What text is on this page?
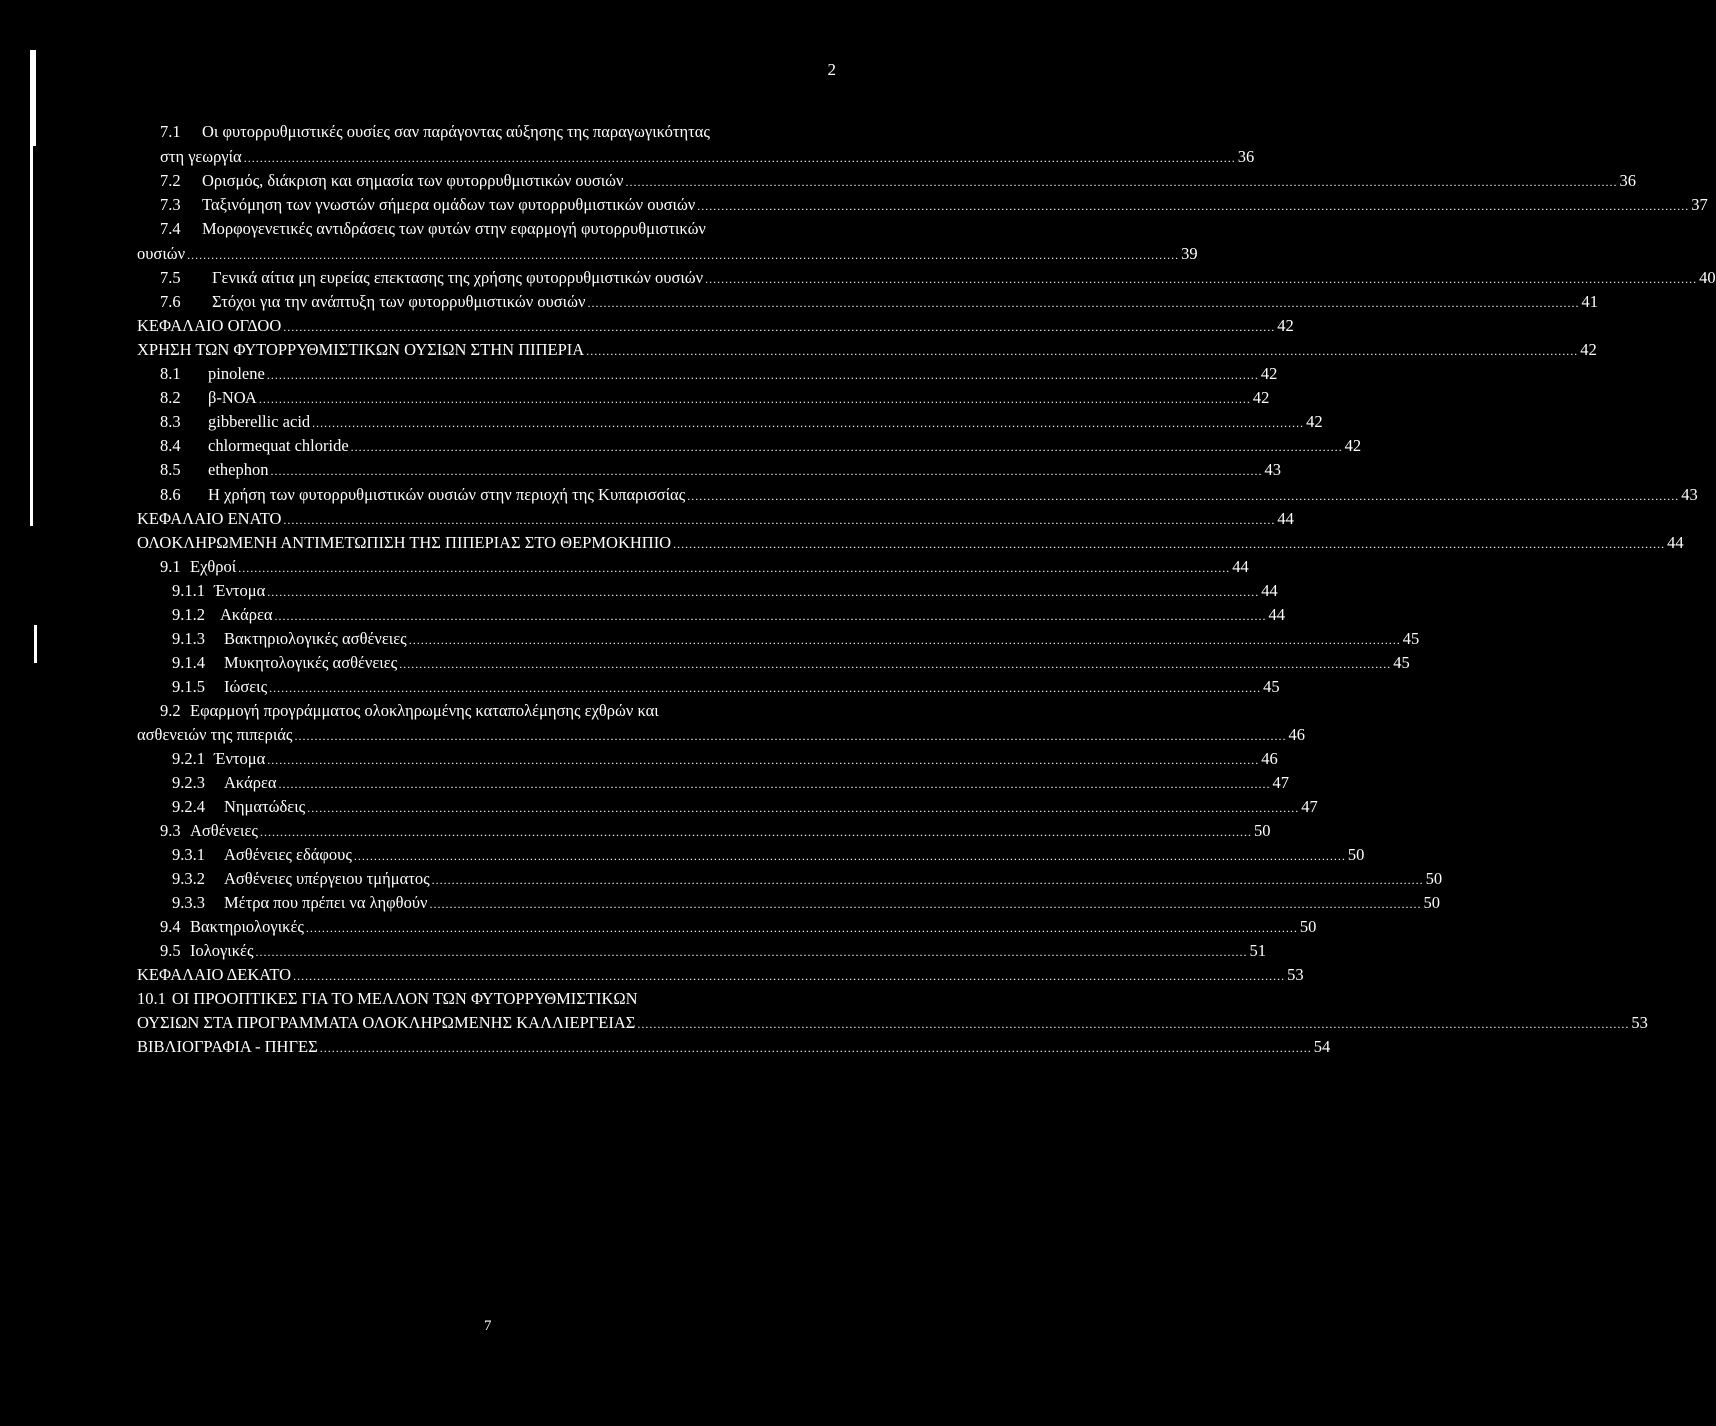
2
7.1	Οι φυτορρυθμιστικές ουσίες σαν παράγοντας αύξησης της παραγωγικότητας
στη γεωργία .....	36
7.2	Ορισμός, διάκριση και σημασία των φυτορρυθμιστικών ουσιών .....	36
7.3	Ταξινόμηση των γνωστών σήμερα ομάδων των φυτορρυθμιστικών ουσιών .....	37
7.4	Μορφογενετικές αντιδράσεις των φυτών στην εφαρμογή φυτορρυθμιστικών
ουσιών .....	39
7.5	Γενικά αίτια μη ευρείας επεκτασης της χρήσης φυτορρυθμιστικών ουσιών .....	40
7.6	Στόχοι για την ανάπτυξη των φυτορρυθμιστικών ουσιών .....	41
ΚΕΦΑΛΑΙΟ ΟΓΔΟΟ .....	42
ΧΡΗΣΗ ΤΩΝ ΦΥΤΟΡΡΥΘΜΙΣΤΙΚΩΝ ΟΥΣΙΩΝ ΣΤΗΝ ΠΙΠΕΡΙΑ .....	42
8.1	pinolene .....	42
8.2	β-ΝΟΑ .....	42
8.3	gibberellic acid .....	42
8.4	chlormequat chloride .....	42
8.5	ethephon .....	43
8.6	Η χρήση των φυτορρυθμιστικών ουσιών στην περιοχή της Κυπαρισσίας .....	43
ΚΕΦΑΛΑΙΟ ΕΝΑΤΟ .....	44
ΟΛΟΚΛΗΡΩΜΕΝΗ ΑΝΤΙΜΕΤΩΠΙΣΗ ΤΗΣ ΠΙΠΕΡΙΑΣ ΣΤΟ ΘΕΡΜΟΚΗΠΙΟ .....	44
9.1 Εχθροί .....	44
9.1.1 Έντομα .....	44
9.1.2 Ακάρεα .....	44
9.1.3	Βακτηριολογικές ασθένειες .....	45
9.1.4	Μυκητολογικές ασθένειες .....	45
9.1.5	Ιώσεις .....	45
9.2 Εφαρμογή προγράμματος ολοκληρωμένης καταπολέμησης εχθρών και
ασθενειών της πιπεριάς .....	46
9.2.1 Έντομα .....	46
9.2.3	Ακάρεα .....	47
9.2.4	Νηματώδεις .....	47
9.3 Ασθένειες .....	50
9.3.1	Ασθένειες εδάφους .....	50
9.3.2	Ασθένειες υπέργειου τμήματος .....	50
9.3.3	Μέτρα που πρέπει να ληφθούν .....	50
9.4 Βακτηριολογικές .....	50
9.5 Ιολογικές .....	51
ΚΕΦΑΛΑΙΟ ΔΕΚΑΤΟ .....	53
10.1 ΟΙ ΠΡΟΟΠΤΙΚΕΣ ΓΙΑ ΤΟ ΜΕΛΛΟΝ ΤΩΝ ΦΥΤΟΡΡΥΘΜΙΣΤΙΚΩΝ
ΟΥΣΙΩΝ ΣΤΑ ΠΡΟΓΡΑΜΜΑΤΑ ΟΛΟΚΛΗΡΩΜΕΝΗΣ ΚΑΛΛΙΕΡΓΕΙΑΣ .....	53
ΒΙΒΛΙΟΓΡΑΦΙΑ - ΠΗΓΕΣ .....	54
7
